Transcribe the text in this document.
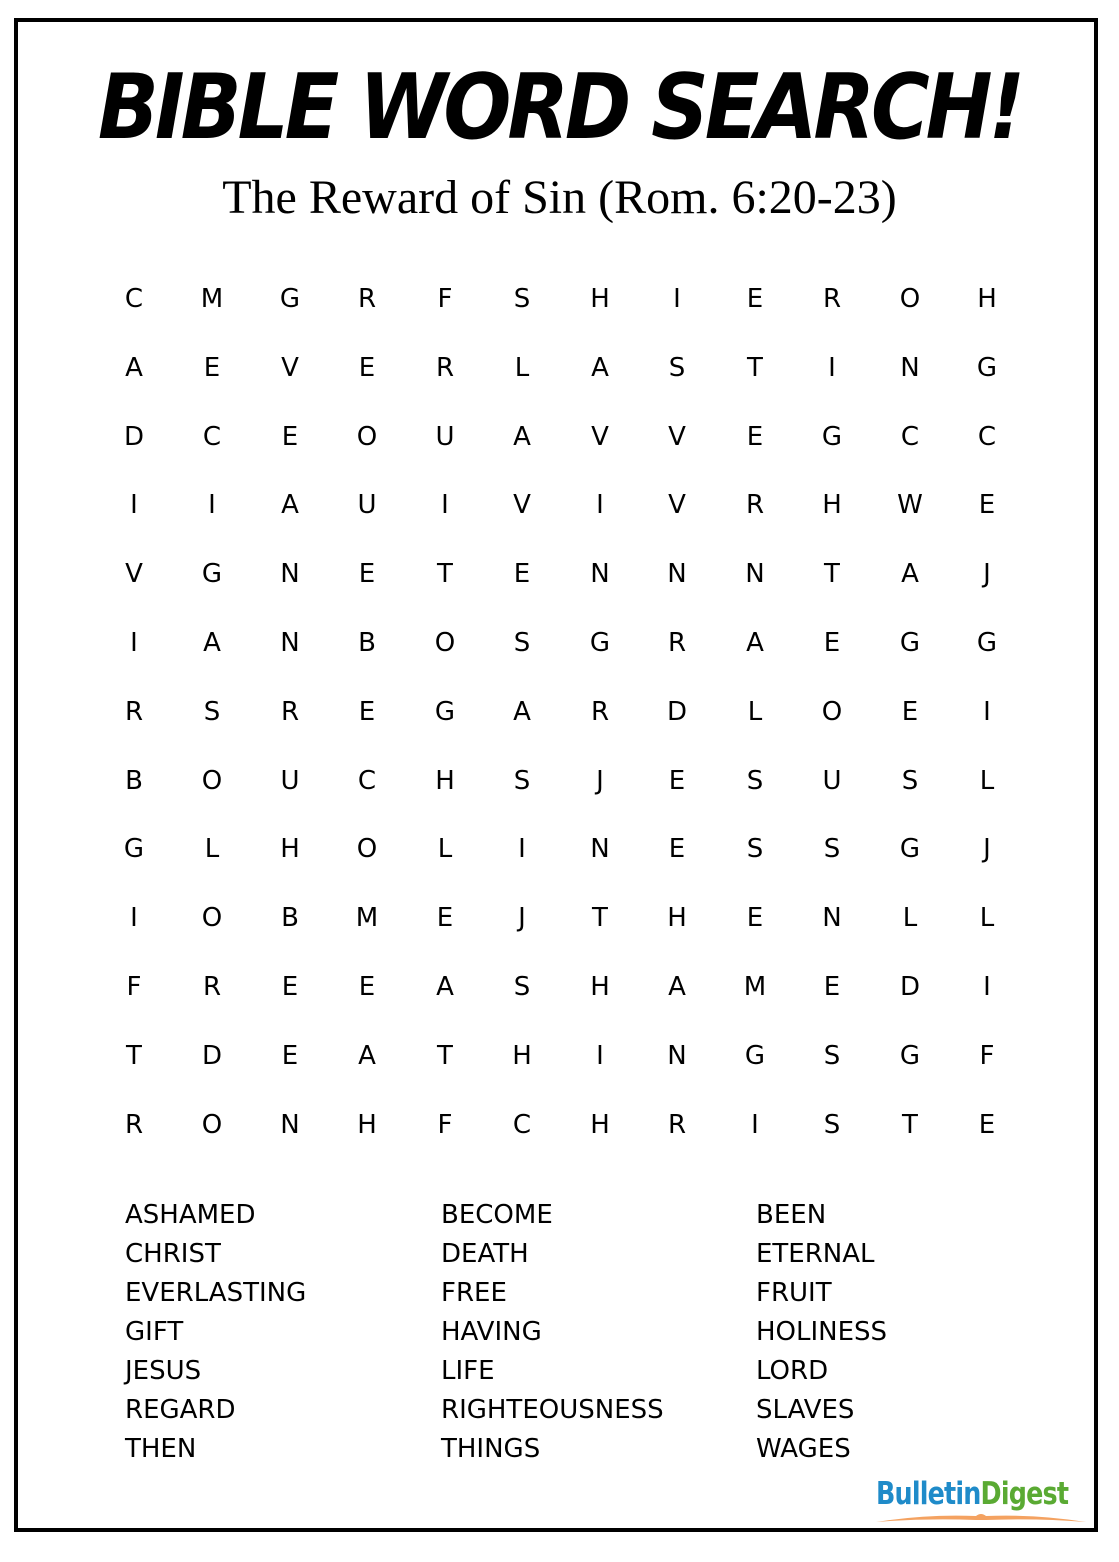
BIBLE WORD SEARCH!
The Reward of Sin (Rom. 6:20-23)
C	M	G	R	F	S	H	I	E	R	O	H
A	E	V	E	R	L	A	S	T	I	N	G
D	C	E	O	U	A	V	V	E	G	C	C
I	I	A	U	I	V	I	V	R	H	W	E
V	G	N	E	T	E	N	N	N	T	A	J
I	A	N	B	O	S	G	R	A	E	G	G
R	S	R	E	G	A	R	D	L	O	E	I
B	O	U	C	H	S	J	E	S	U	S	L
G	L	H	O	L	I	N	E	S	S	G	J
I	O	B	M	E	J	T	H	E	N	L	L
F	R	E	E	A	S	H	A	M	E	D	I
T	D	E	A	T	H	I	N	G	S	G	F
R	O	N	H	F	C	H	R	I	S	T	E
ASHAMED
CHRIST
EVERLASTING
GIFT
JESUS
REGARD
THEN
BECOME
DEATH
FREE
HAVING
LIFE
RIGHTEOUSNESS
THINGS
BEEN
ETERNAL
FRUIT
HOLINESS
LORD
SLAVES
WAGES
BulletinDigest
